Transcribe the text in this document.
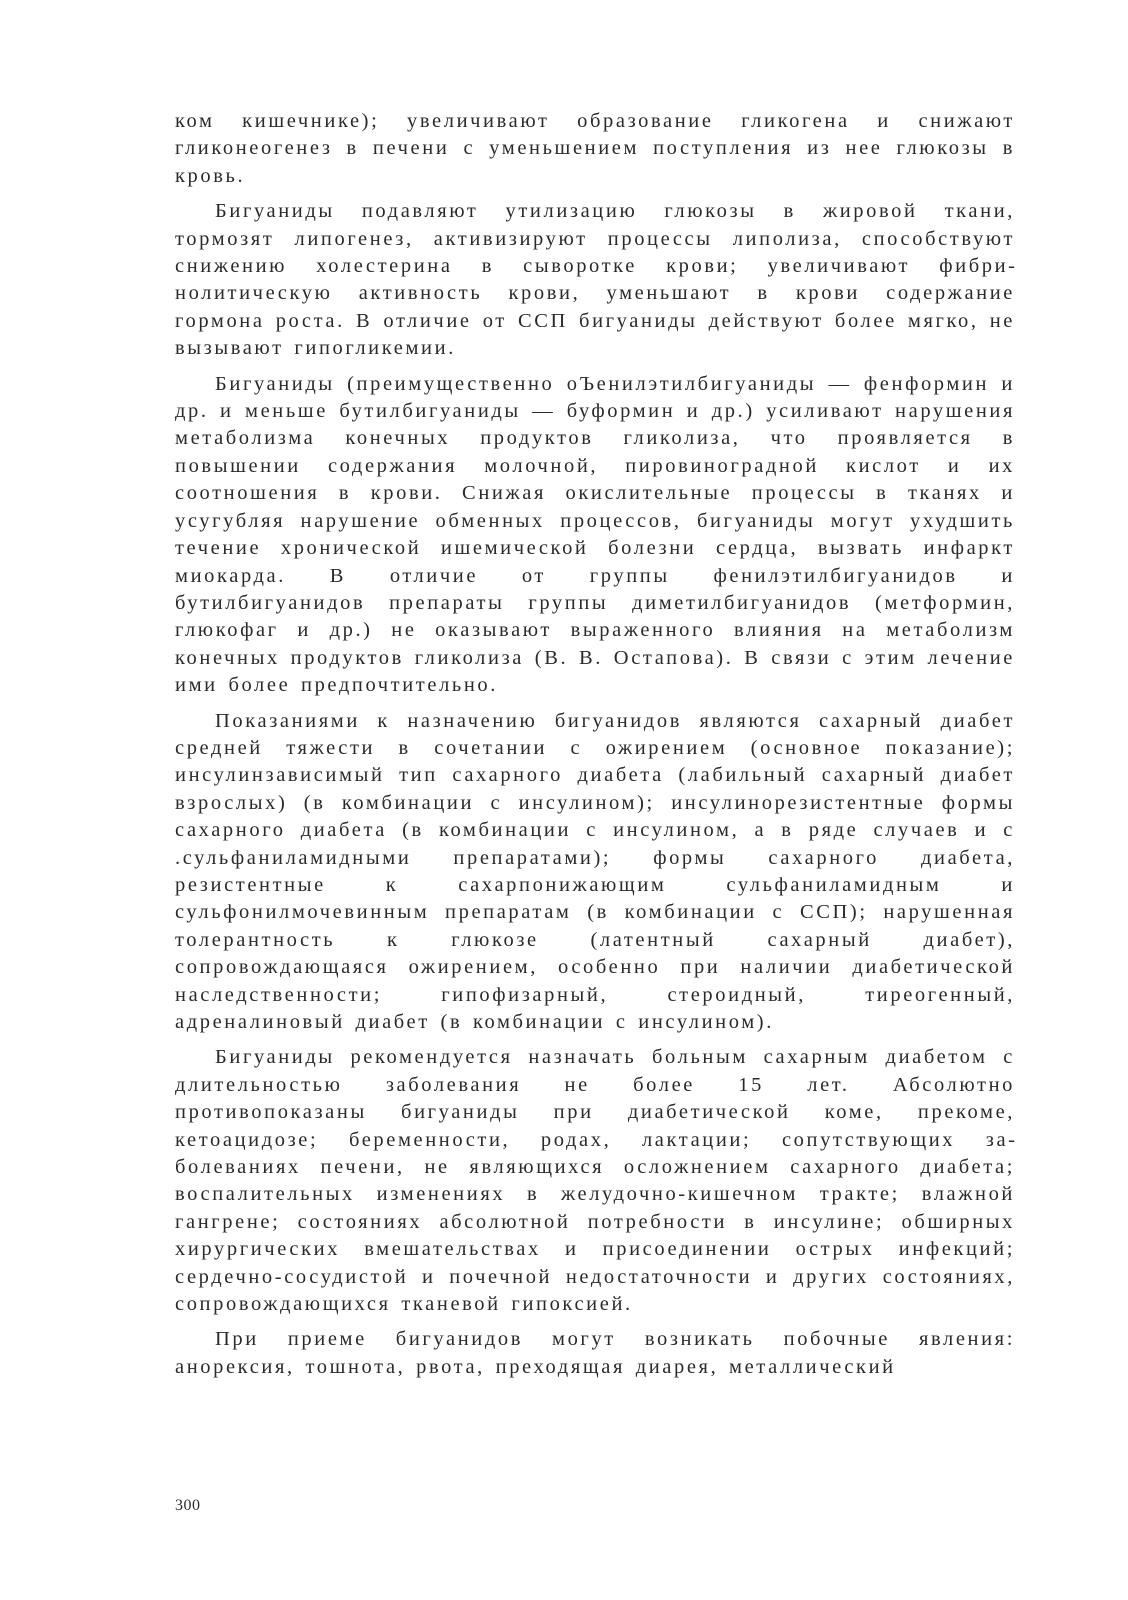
ком кишечнике); увеличивают образование гликогена и снижают гликонеогенез в печени с уменьшением поступления из нее глюкозы в кровь.

Бигуаниды подавляют утилизацию глюкозы в жировой ткани, тормозят липогенез, активизируют процессы липолиза, способствуют снижению холестерина в сыворотке крови; увеличивают фибринолитическую активность крови, уменьшают в крови содержание гормона роста. В отличие от ССП бигуаниды действуют более мягко, не вызывают гипогликемии.

Бигуаниды (преимущественно оЪенилэтилбигуаниды — фенформин и др. и меньше бутилбигуаниды — буформин и др.) усиливают нарушения метаболизма конечных продуктов гликолиза, что проявляется в повышении содержания молочной, пировиноградной кислот и их соотношения в крови. Снижая окислительные процессы в тканях и усугубляя нарушение обменных процессов, бигуаниды могут ухудшить течение хронической ишемической болезни сердца, вызвать инфаркт миокарда. В отличие от группы фенилэтилбигуанидов и бутилбигуанидов препараты группы диметилбигуанидов (метформин, глюкофаг и др.) не оказывают выраженного влияния на метаболизм конечных продуктов гликолиза (В. В. Остапова). В связи с этим лечение ими более предпочтительно.

Показаниями к назначению бигуанидов являются сахарный диабет средней тяжести в сочетании с ожирением (основное показание); инсулинзависимый тип сахарного диабета (лабильный сахарный диабет взрослых) (в комбинации с инсулином); инсулинорезистентные формы сахарного диабета (в комбинации с инсулином, а в ряде случаев и с .сульфаниламидными препаратами); формы сахарного диабета, резистентные к сахарпонижающим сульфаниламидным и сульфонилмочевинным препаратам (в комбинации с ССП); нарушенная толерантность к глюкозе (латентный сахарный диабет), сопровождающаяся ожирением, особенно при наличии диабетической наследственности; гипофизарный, стероидный, тиреогенный, адреналиновый диабет (в комбинации с инсулином).

Бигуаниды рекомендуется назначать больным сахарным диабетом с длительностью заболевания не более 15 лет. Абсолютно противопоказаны бигуаниды при диабетической коме, прекоме, кетоацидозе; беременности, родах, лактации; сопутствующих заболеваниях печени, не являющихся осложнением сахарного диабета; воспалительных изменениях в желудочно-кишечном тракте; влажной гангрене; состояниях абсолютной потребности в инсулине; обширных хирургических вмешательствах и присоединении острых инфекций; сердечно-сосудистой и почечной недостаточности и других состояниях, сопровождающихся тканевой гипоксией.

При приеме бигуанидов могут возникать побочные явления: анорексия, тошнота, рвота, преходящая диарея, металлический

300
